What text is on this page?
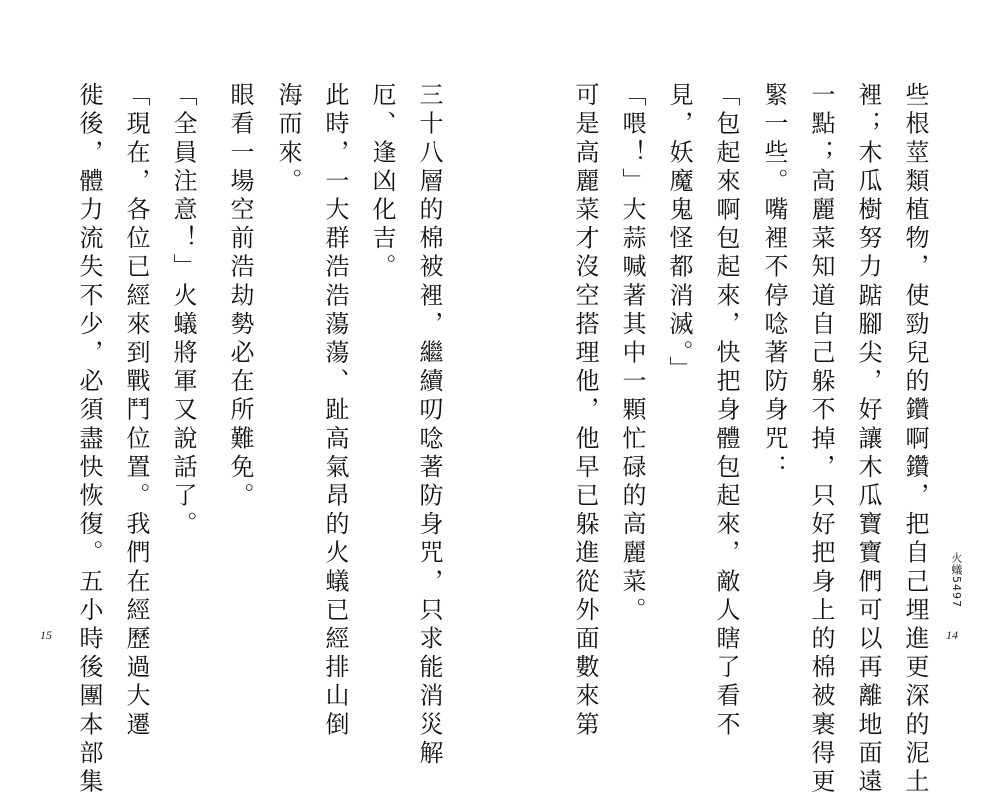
些根莖類植物，使勁兒的鑽啊鑽，把自己埋進更深的泥土
裡；木瓜樹努力踮腳尖，好讓木瓜寶寶們可以再離地面遠
一點；高麗菜知道自己躲不掉，只好把身上的棉被裹得更
緊一些。嘴裡不停唸著防身咒：
「包起來啊包起來，快把身體包起來，敵人瞎了看不
見，妖魔鬼怪都消滅。」
「喂！」大蒜喊著其中一顆忙碌的高麗菜。
可是高麗菜才沒空搭理他，他早已躲進從外面數來第
三十八層的棉被裡，繼續叨唸著防身咒，只求能消災解
厄、逢凶化吉。
此時，一大群浩浩蕩蕩、趾高氣昂的火蟻已經排山倒
海而來。
眼看一場空前浩劫勢必在所難免。
「全員注意！」火蟻將軍又說話了。
「現在，各位已經來到戰鬥位置。我們在經歷過大遷
徙後，體力流失不少，必須盡快恢復。五小時後團本部集	火蟻5497
14
15
